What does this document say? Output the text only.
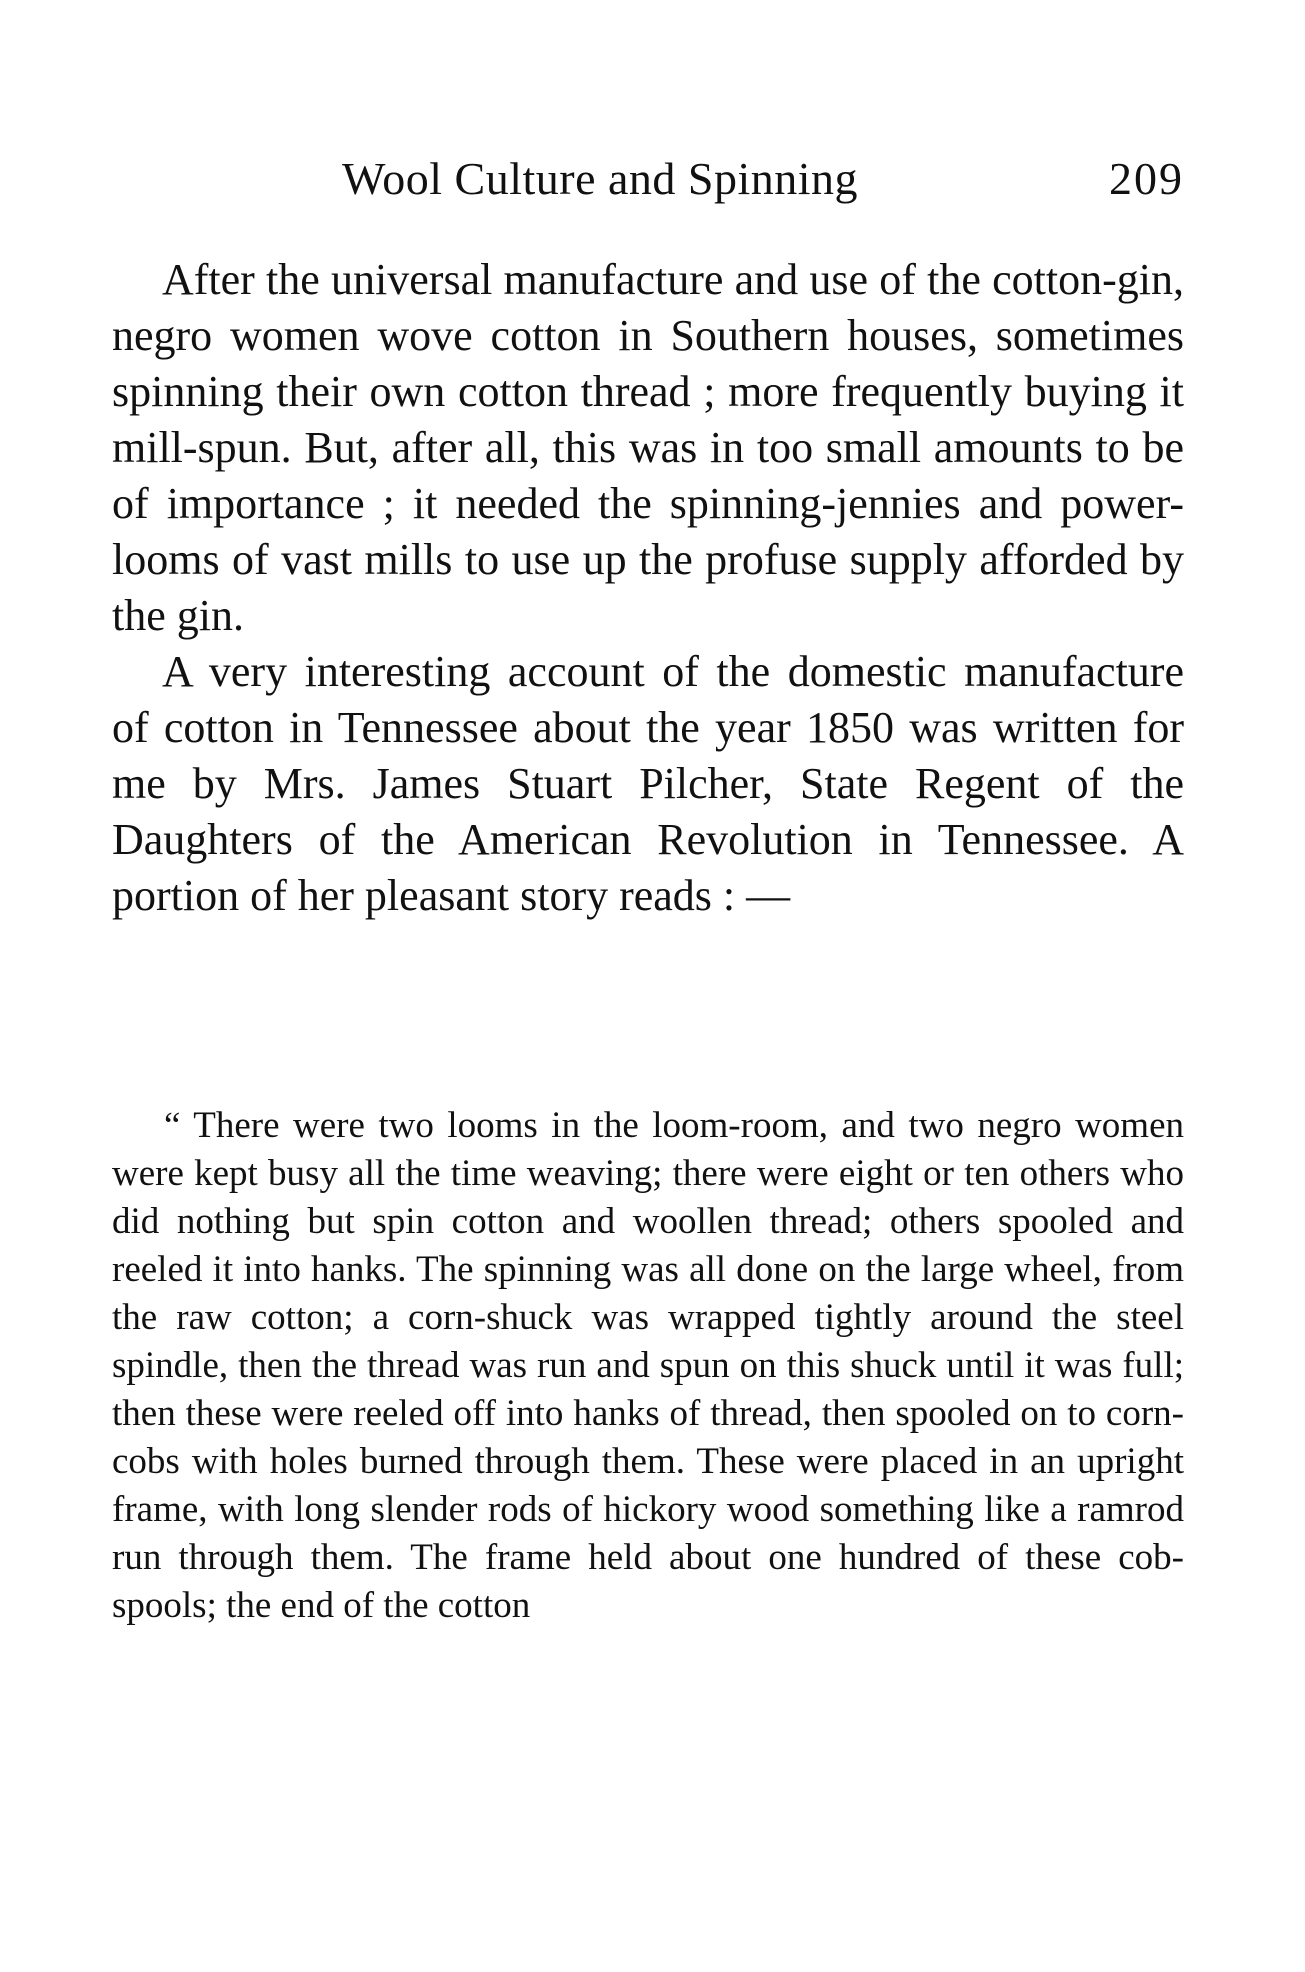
Wool Culture and Spinning	209

After the universal manufacture and use of the cotton-gin, negro women wove cotton in Southern houses, sometimes spinning their own cotton thread ; more frequently buying it mill-spun. But, after all, this was in too small amounts to be of importance ; it needed the spinning-jennies and power-looms of vast mills to use up the profuse supply afforded by the gin.

A very interesting account of the domestic manufacture of cotton in Tennessee about the year 1850 was written for me by Mrs. James Stuart Pilcher, State Regent of the Daughters of the American Revolution in Tennessee. A portion of her pleasant story reads : —

“ There were two looms in the loom-room, and two negro women were kept busy all the time weaving; there were eight or ten others who did nothing but spin cotton and woollen thread; others spooled and reeled it into hanks. The spinning was all done on the large wheel, from the raw cotton; a corn-shuck was wrapped tightly around the steel spindle, then the thread was run and spun on this shuck until it was full; then these were reeled off into hanks of thread, then spooled on to corn-cobs with holes burned through them. These were placed in an upright frame, with long slender rods of hickory wood something like a ramrod run through them. The frame held about one hundred of these cob-spools; the end of the cotton
